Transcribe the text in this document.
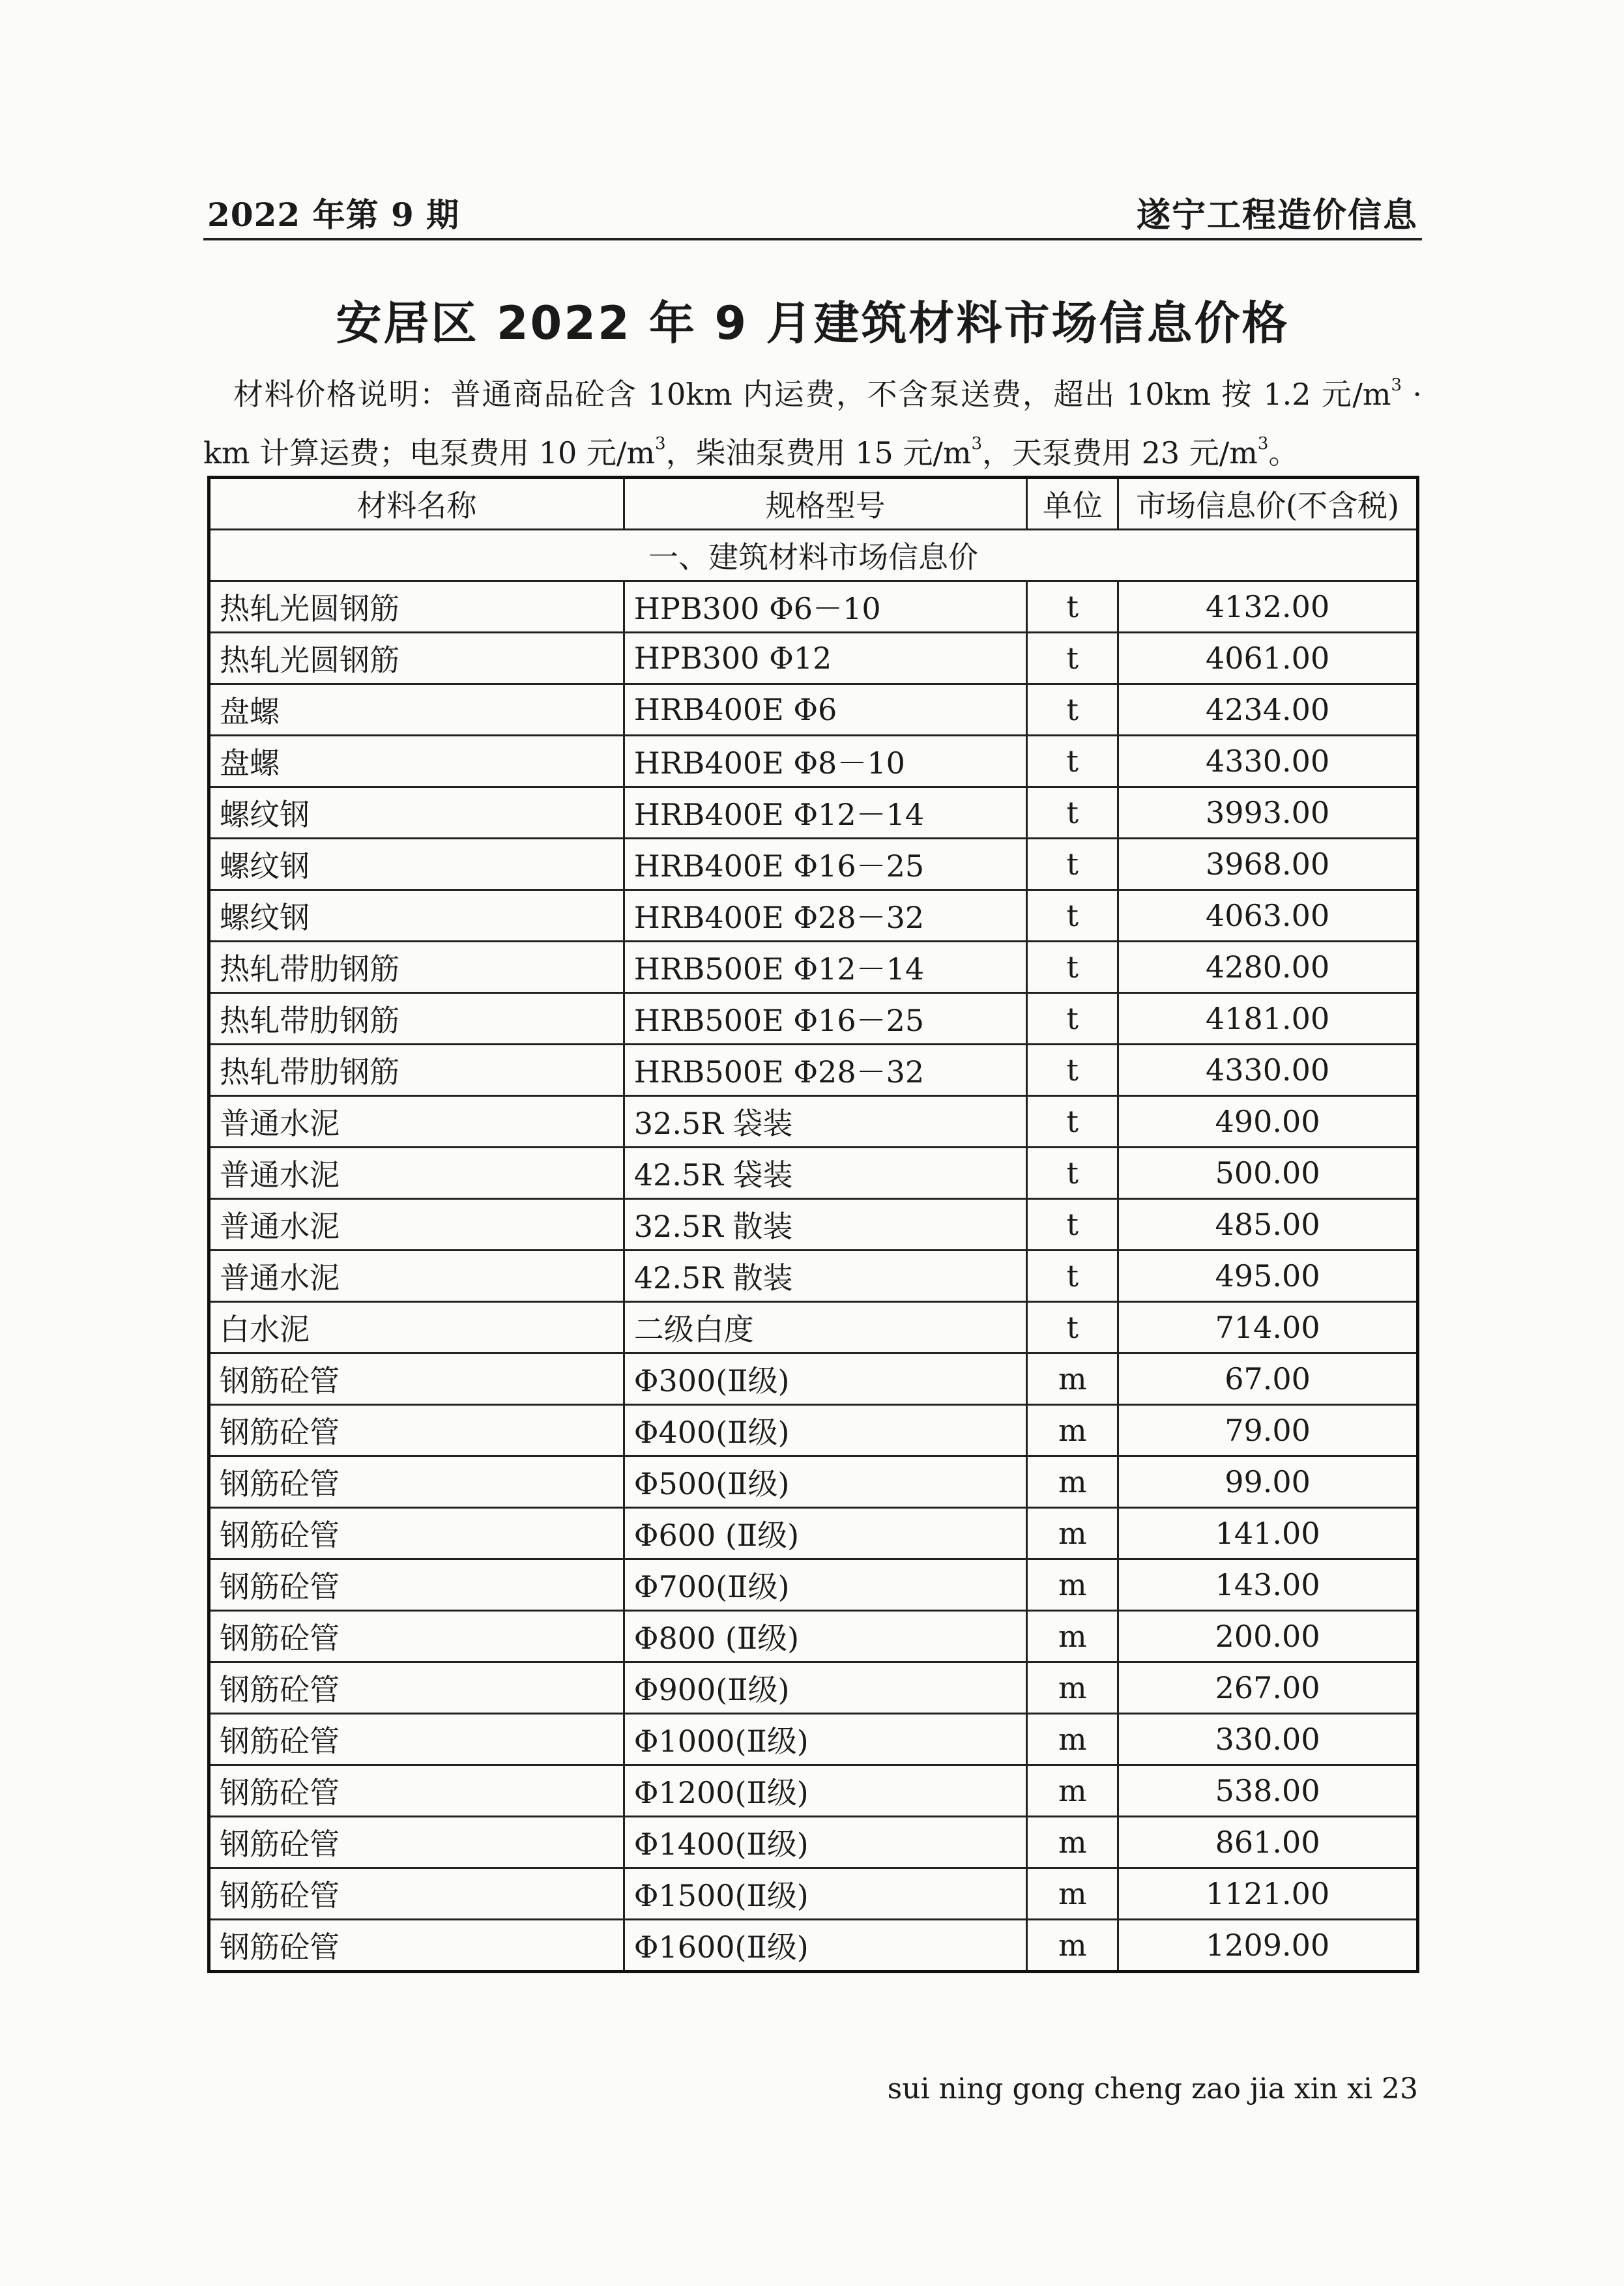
2022 年第 9 期	遂宁工程造价信息
安居区 2022 年 9 月建筑材料市场信息价格
材料价格说明：普通商品砼含 10km 内运费，不含泵送费，超出 10km 按 1.2 元$/m^3$ · km 计算运费；电泵费用 10 元$/m^3$，柴油泵费用 15 元$/m^3$，天泵费用 23 元$/m^3$。
材料名称	规格型号	单位	市场信息价(不含税)
一、建筑材料市场信息价			
热轧光圆钢筋	HPB300 Φ6－10	t	4132.00
热轧光圆钢筋	HPB300 Φ12	t	4061.00
盘螺	HRB400E Φ6	t	4234.00
盘螺	HRB400E Φ8－10	t	4330.00
螺纹钢	HRB400E Φ12－14	t	3993.00
螺纹钢	HRB400E Φ16－25	t	3968.00
螺纹钢	HRB400E Φ28－32	t	4063.00
热轧带肋钢筋	HRB500E Φ12－14	t	4280.00
热轧带肋钢筋	HRB500E Φ16－25	t	4181.00
热轧带肋钢筋	HRB500E Φ28－32	t	4330.00
普通水泥	32.5R 袋装	t	490.00
普通水泥	42.5R 袋装	t	500.00
普通水泥	32.5R 散装	t	485.00
普通水泥	42.5R 散装	t	495.00
白水泥	二级白度	t	714.00
钢筋砼管	Φ300(Ⅱ级)	m	67.00
钢筋砼管	Φ400(Ⅱ级)	m	79.00
钢筋砼管	Φ500(Ⅱ级)	m	99.00
钢筋砼管	Φ600 (Ⅱ级)	m	141.00
钢筋砼管	Φ700(Ⅱ级)	m	143.00
钢筋砼管	Φ800 (Ⅱ级)	m	200.00
钢筋砼管	Φ900(Ⅱ级)	m	267.00
钢筋砼管	Φ1000(Ⅱ级)	m	330.00
钢筋砼管	Φ1200(Ⅱ级)	m	538.00
钢筋砼管	Φ1400(Ⅱ级)	m	861.00
钢筋砼管	Φ1500(Ⅱ级)	m	1121.00
钢筋砼管	Φ1600(Ⅱ级)	m	1209.00
sui ning gong cheng zao jia xin xi 23
